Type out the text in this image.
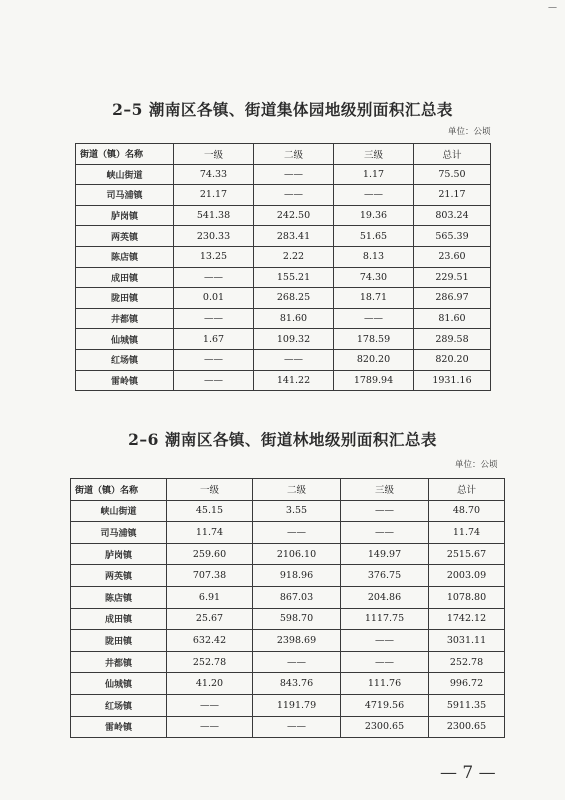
—
2–5 潮南区各镇、街道集体园地级别面积汇总表
单位：公顷
街道（镇）名称	一级	二级	三级	总计
峡山街道	74.33	——	1.17	75.50
司马浦镇	21.17	——	——	21.17
胪岗镇	541.38	242.50	19.36	803.24
两英镇	230.33	283.41	51.65	565.39
陈店镇	13.25	2.22	8.13	23.60
成田镇	——	155.21	74.30	229.51
陇田镇	0.01	268.25	18.71	286.97
井都镇	——	81.60	——	81.60
仙城镇	1.67	109.32	178.59	289.58
红场镇	——	——	820.20	820.20
雷岭镇	——	141.22	1789.94	1931.16
2–6 潮南区各镇、街道林地级别面积汇总表
单位：公顷
街道（镇）名称	一级	二级	三级	总计
峡山街道	45.15	3.55	——	48.70
司马浦镇	11.74	——	——	11.74
胪岗镇	259.60	2106.10	149.97	2515.67
两英镇	707.38	918.96	376.75	2003.09
陈店镇	6.91	867.03	204.86	1078.80
成田镇	25.67	598.70	1117.75	1742.12
陇田镇	632.42	2398.69	——	3031.11
井都镇	252.78	——	——	252.78
仙城镇	41.20	843.76	111.76	996.72
红场镇	——	1191.79	4719.56	5911.35
雷岭镇	——	——	2300.65	2300.65
— 7 —
